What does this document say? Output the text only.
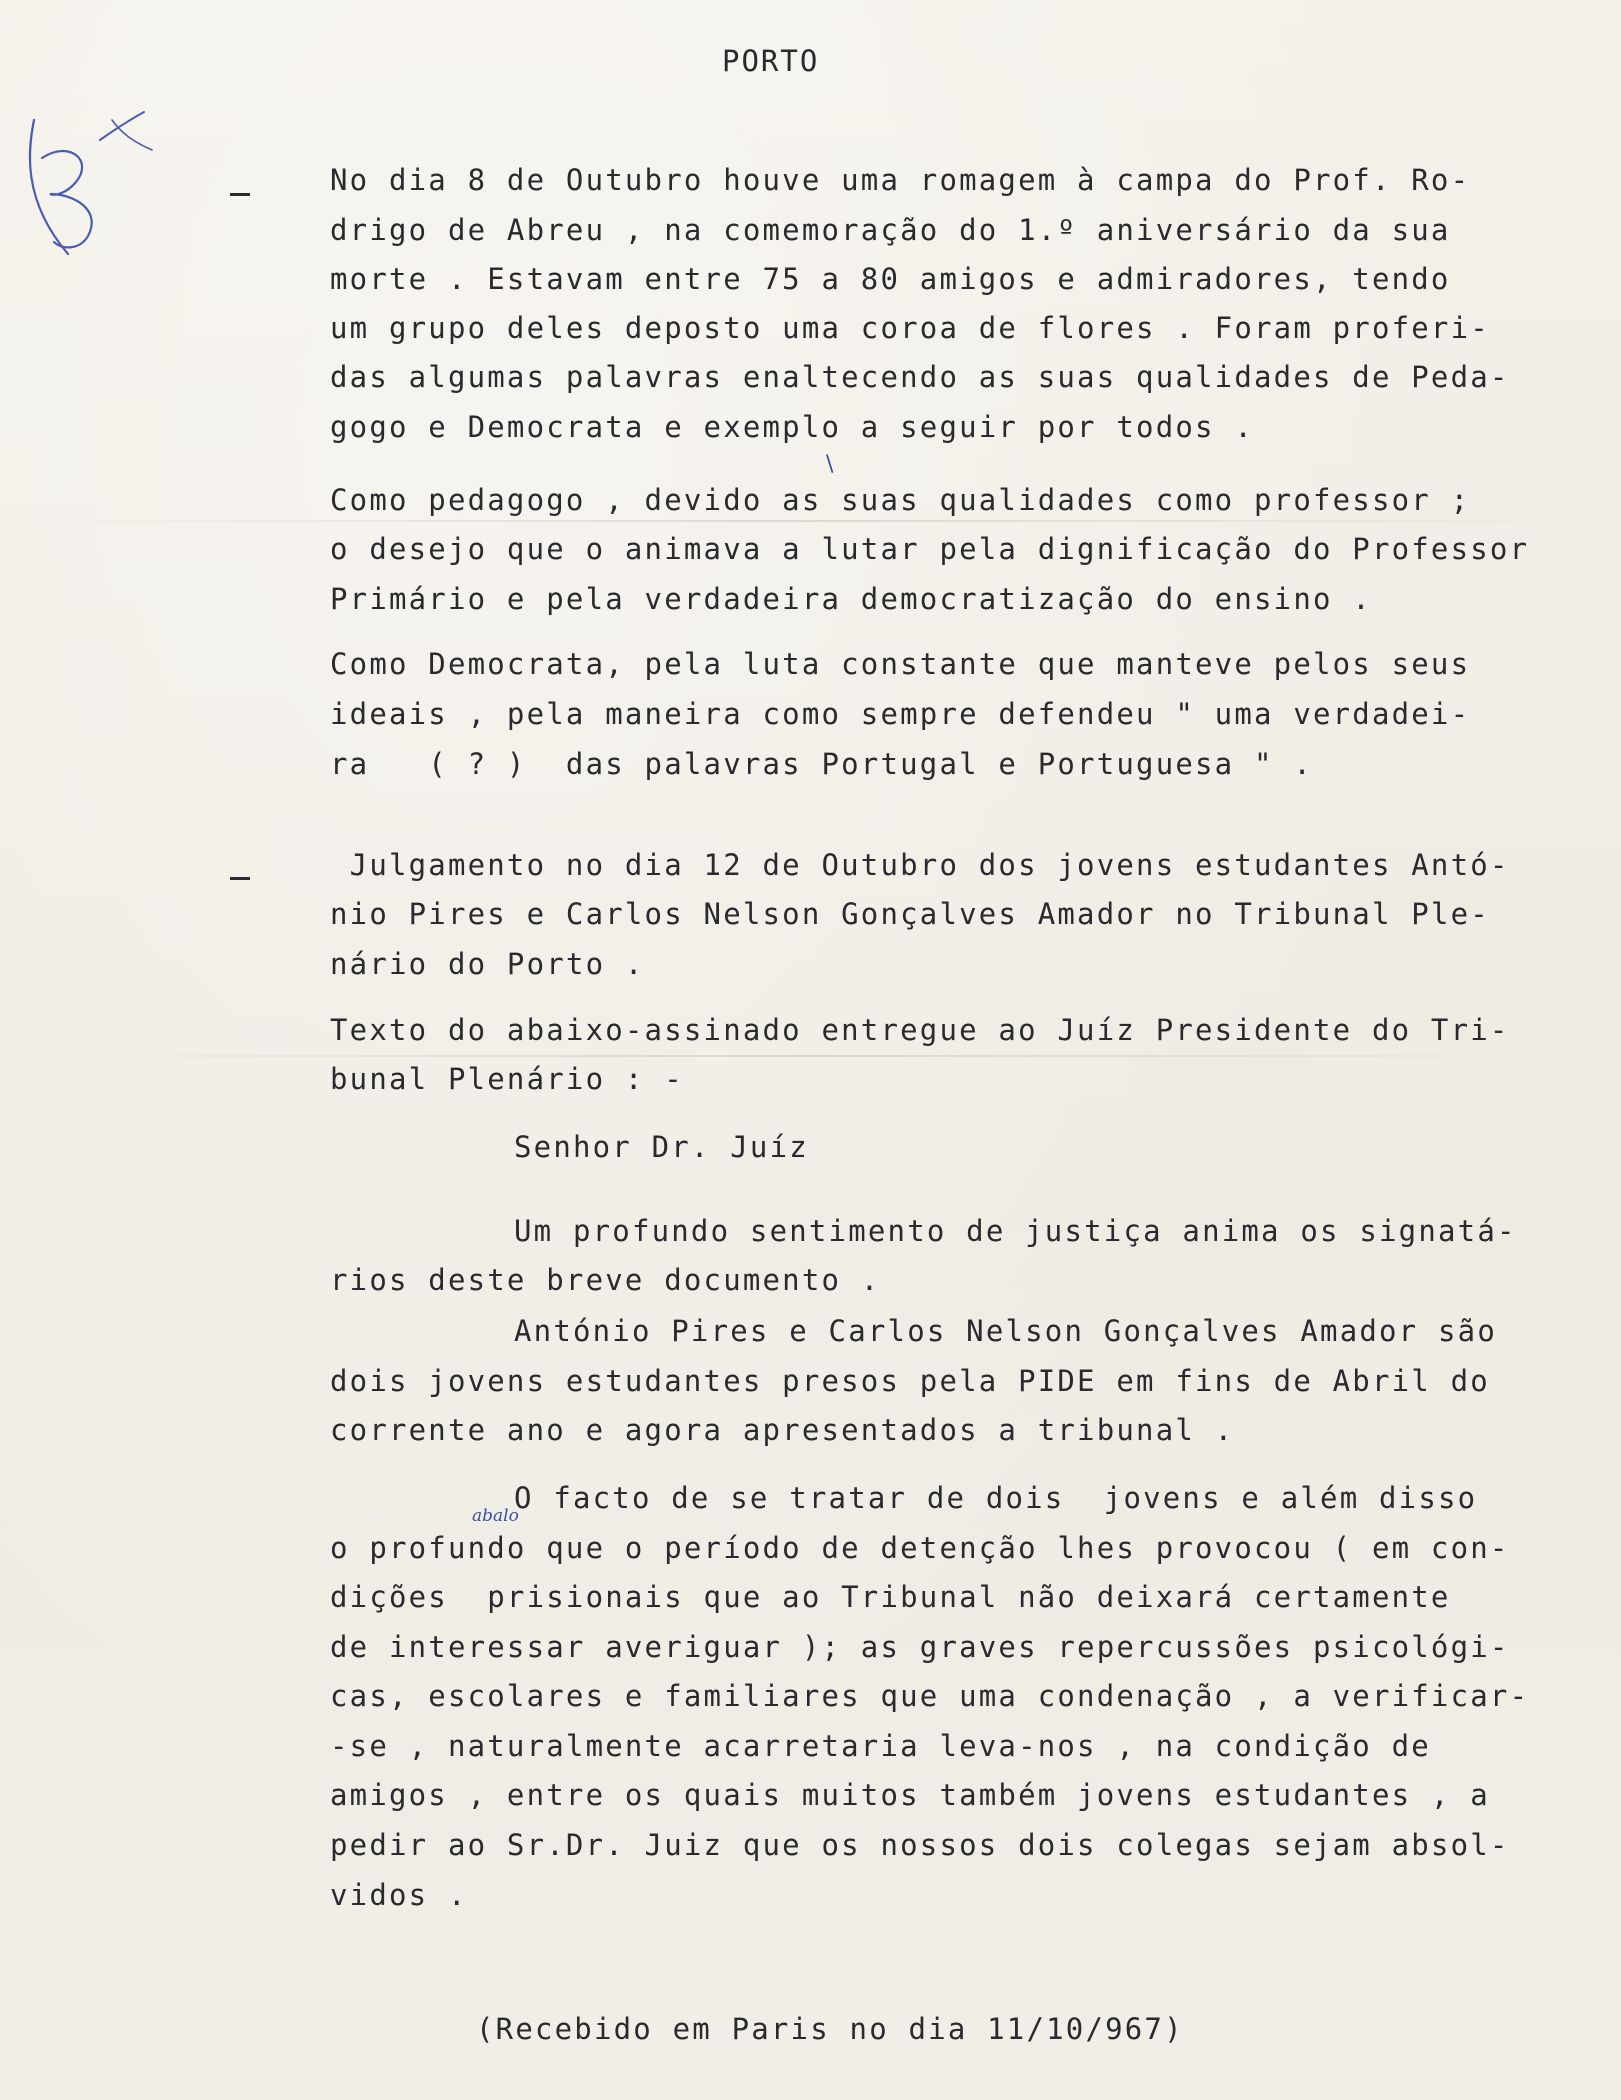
PORTO
No dia 8 de Outubro houve uma romagem à campa do Prof. Ro-
drigo de Abreu , na comemoração do 1.º aniversário da sua
morte . Estavam entre 75 a 80 amigos e admiradores, tendo
um grupo deles deposto uma coroa de flores . Foram proferi-
das algumas palavras enaltecendo as suas qualidades de Peda-
gogo e Democrata e exemplo a seguir por todos .
\
Como pedagogo , devido as suas qualidades como professor ;
o desejo que o animava a lutar pela dignificação do Professor
Primário e pela verdadeira democratização do ensino .
Como Democrata, pela luta constante que manteve pelos seus
ideais , pela maneira como sempre defendeu " uma verdadei-
ra   ( ? )  das palavras Portugal e Portuguesa " .
Julgamento no dia 12 de Outubro dos jovens estudantes Antó-
nio Pires e Carlos Nelson Gonçalves Amador no Tribunal Ple-
nário do Porto .
Texto do abaixo-assinado entregue ao Juíz Presidente do Tri-
bunal Plenário : -
Senhor Dr. Juíz
Um profundo sentimento de justiça anima os signatá-
rios deste breve documento .
António Pires e Carlos Nelson Gonçalves Amador são
dois jovens estudantes presos pela PIDE em fins de Abril do
corrente ano e agora apresentados a tribunal .
abalo
O facto de se tratar de dois  jovens e além disso
o profundo que o período de detenção lhes provocou ( em con-
dições  prisionais que ao Tribunal não deixará certamente
de interessar averiguar ); as graves repercussões psicológi-
cas, escolares e familiares que uma condenação , a verificar-
-se , naturalmente acarretaria leva-nos , na condição de
amigos , entre os quais muitos também jovens estudantes , a
pedir ao Sr.Dr. Juiz que os nossos dois colegas sejam absol-
vidos .
(Recebido em Paris no dia 11/10/967)
